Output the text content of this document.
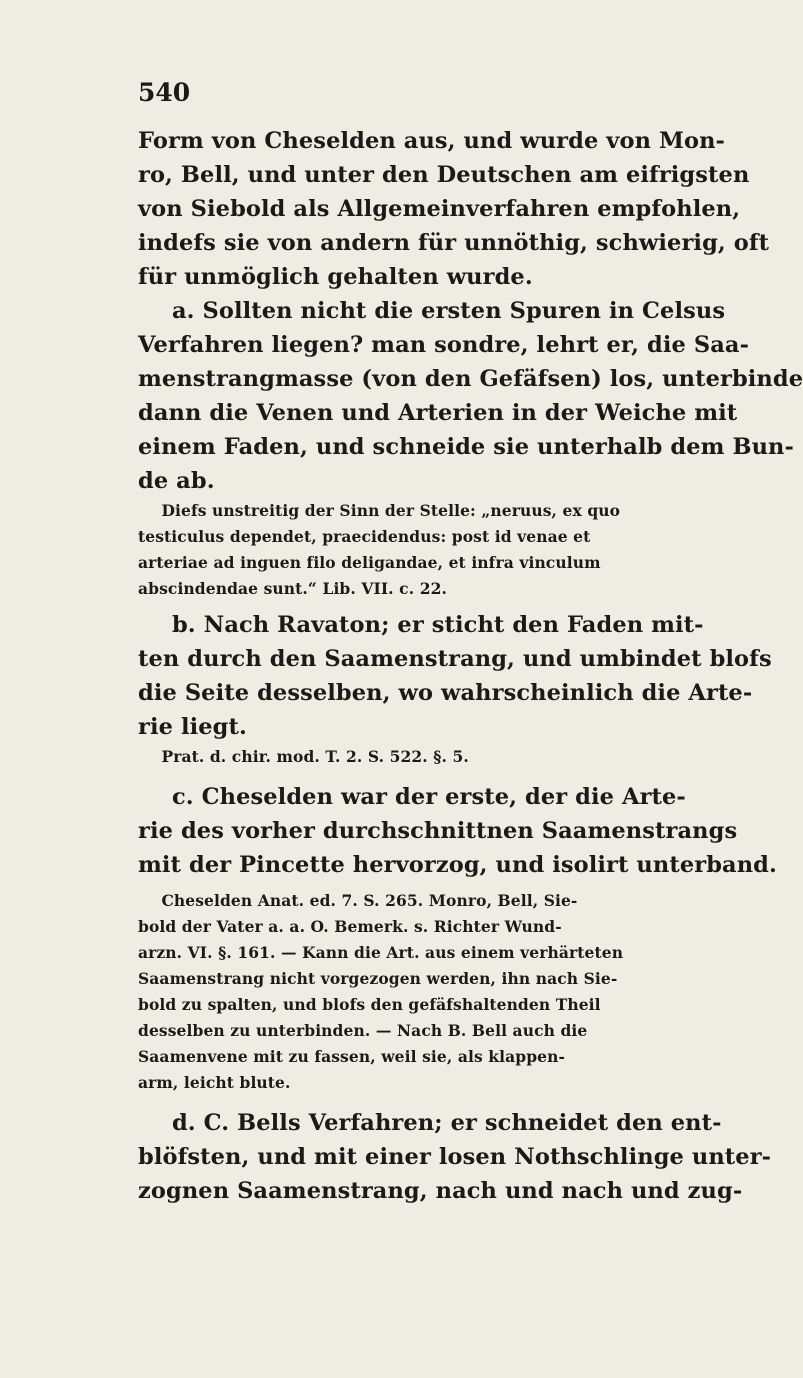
540
Form von Cheselden aus, und wurde von Mon-
ro, Bell, und unter den Deutschen am eifrigsten
von Siebold als Allgemeinverfahren empfohlen,
indefs sie von andern für unnöthig, schwierig, oft
für unmöglich gehalten wurde.
  a. Sollten nicht die ersten Spuren in Celsus
Verfahren liegen? man sondre, lehrt er, die Saa-
menstrangmasse (von den Gefäfsen) los, unterbinde
dann die Venen und Arterien in der Weiche mit
einem Faden, und schneide sie unterhalb dem Bun-
de ab.
  Diefs unstreitig der Sinn der Stelle: „neruus, ex quo
testiculus dependet, praecidendus: post id venae et
arteriae ad inguen filo deligandae, et infra vinculum
abscindendae sunt.“ Lib. VII. c. 22.
  b. Nach Ravaton; er sticht den Faden mit-
ten durch den Saamenstrang, und umbindet blofs
die Seite desselben, wo wahrscheinlich die Arte-
rie liegt.
  Prat. d. chir. mod. T. 2. S. 522. §. 5.
  c. Cheselden war der erste, der die Arte-
rie des vorher durchschnittnen Saamenstrangs
mit der Pincette hervorzog, und isolirt unterband.
  Cheselden Anat. ed. 7. S. 265. Monro, Bell, Sie-
bold der Vater a. a. O. Bemerk. s. Richter Wund-
arzn. VI. §. 161. — Kann die Art. aus einem verhärteten
Saamenstrang nicht vorgezogen werden, ihn nach Sie-
bold zu spalten, und blofs den gefäfshaltenden Theil
desselben zu unterbinden. — Nach B. Bell auch die
Saamenvene mit zu fassen, weil sie, als klappen-
arm, leicht blute.
  d. C. Bells Verfahren; er schneidet den ent-
blöfsten, und mit einer losen Nothschlinge unter-
zognen Saamenstrang, nach und nach und zug-
